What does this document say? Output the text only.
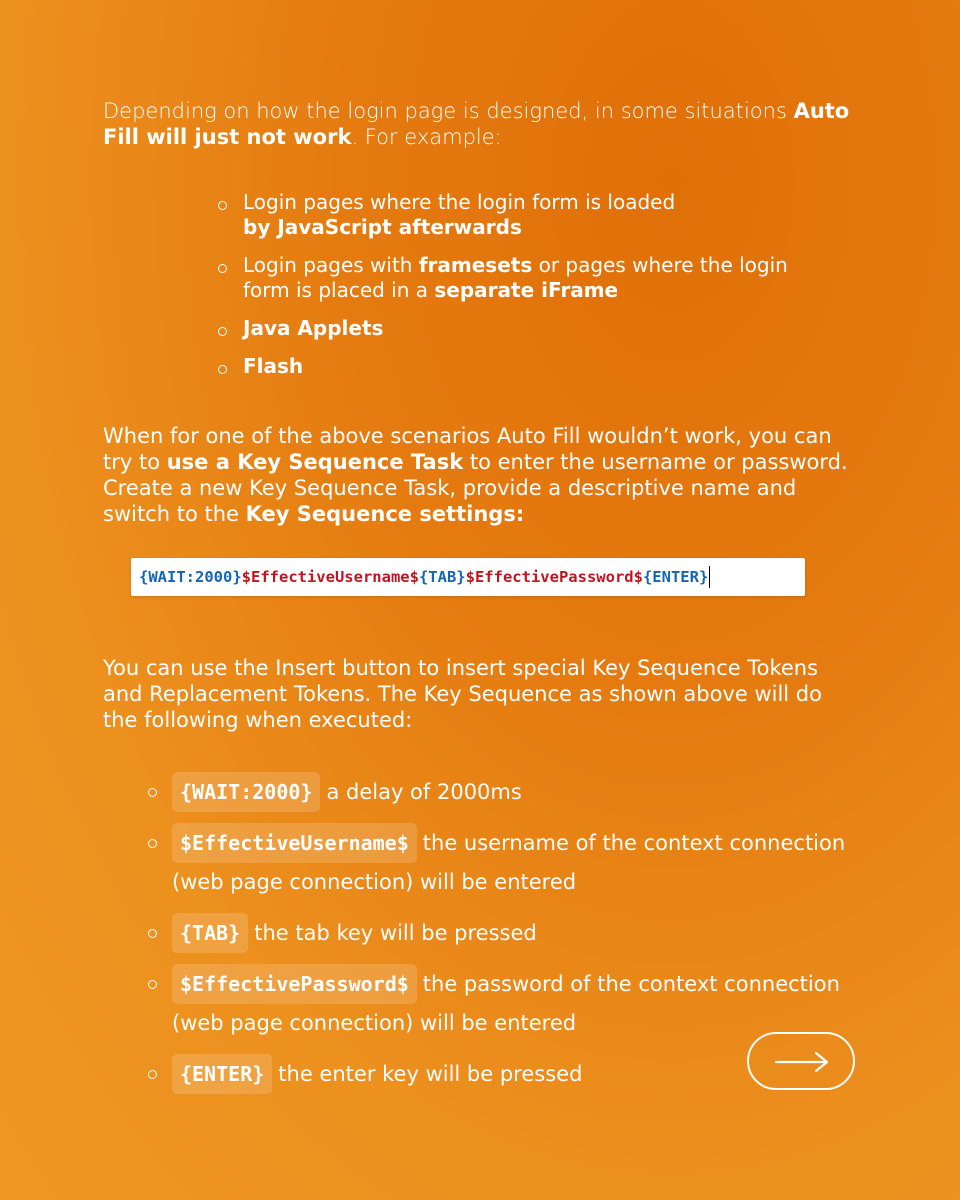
Depending on how the login page is designed, in some situations Auto Fill will just not work. For example:
Login pages where the login form is loaded
by JavaScript afterwards
Login pages with framesets or pages where the login form is placed in a separate iFrame
Java Applets
Flash
When for one of the above scenarios Auto Fill wouldn’t work, you can try to use a Key Sequence Task to enter the username or password. Create a new Key Sequence Task, provide a descriptive name and switch to the Key Sequence settings:
{WAIT:2000} $EffectiveUsername$ {TAB} $EffectivePassword$ {ENTER}
You can use the Insert button to insert special Key Sequence Tokens and Replacement Tokens. The Key Sequence as shown above will do the following when executed:
{WAIT:2000} a delay of 2000ms
$EffectiveUsername$ the username of the context connection (web page connection) will be entered
{TAB} the tab key will be pressed
$EffectivePassword$ the password of the context connection (web page connection) will be entered
{ENTER} the enter key will be pressed
